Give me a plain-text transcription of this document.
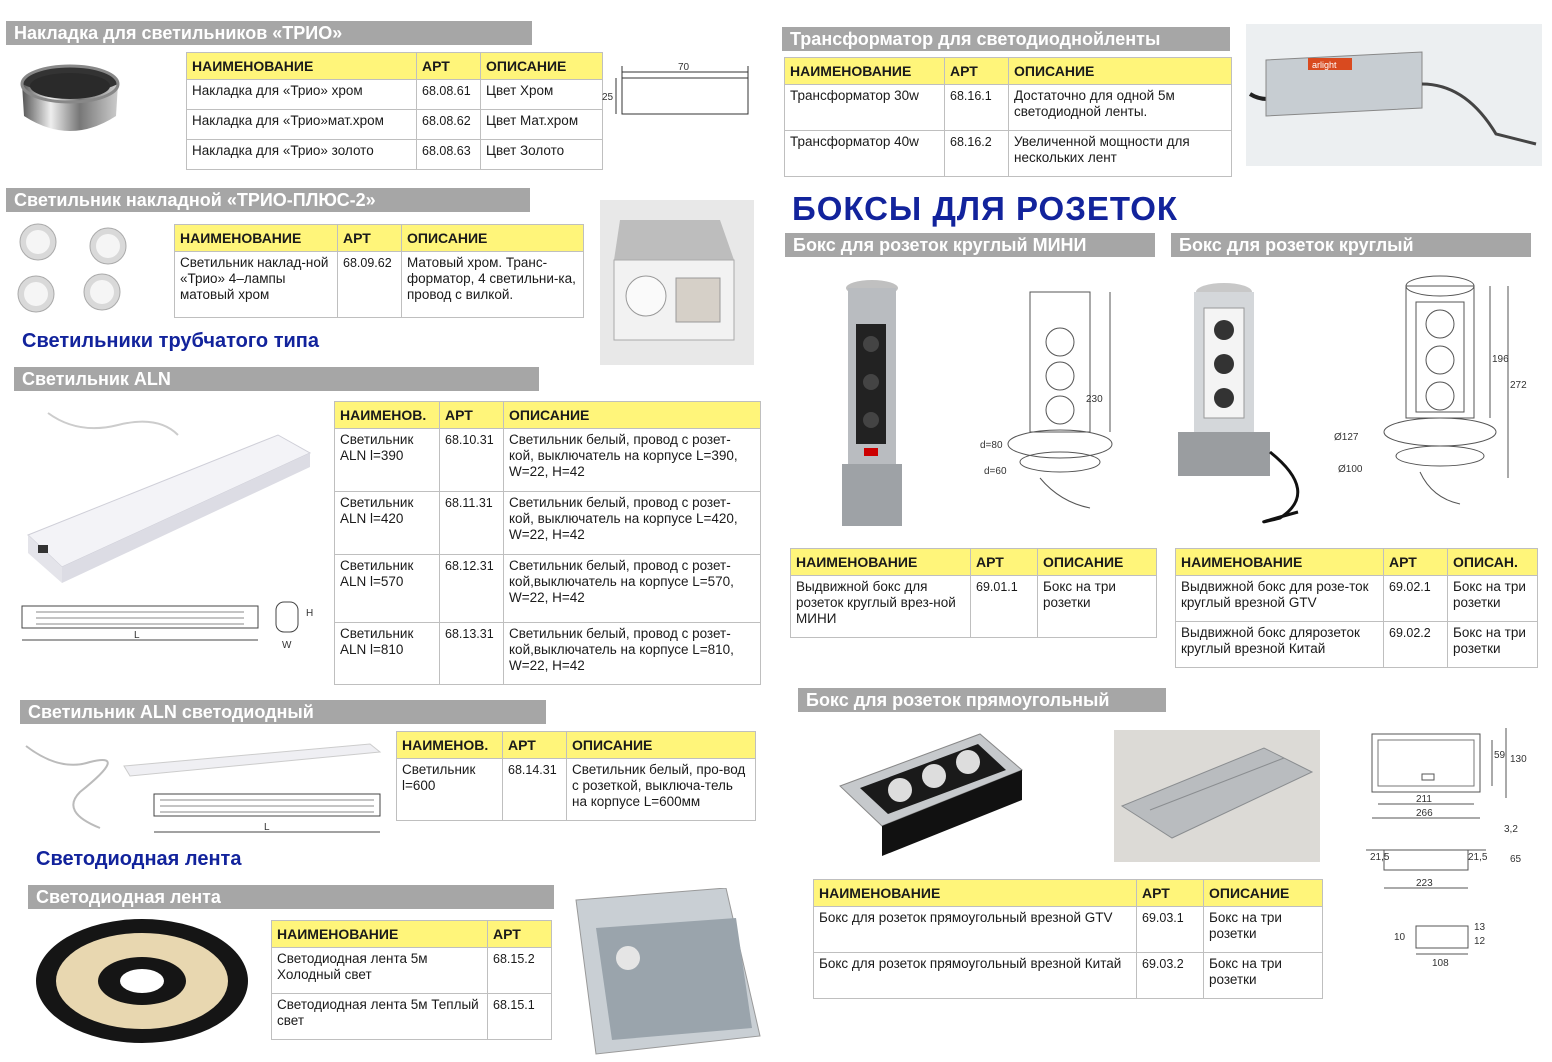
Накладка для светильников «ТРИО»
НАИМЕНОВАНИЕ	АРТ	ОПИСАНИЕ
Накладка для «Трио» хром	68.08.61	Цвет Хром
Накладка для «Трио»мат.хром	68.08.62	Цвет Мат.хром
Накладка для «Трио» золото	68.08.63	Цвет Золото
70
25
Светильник накладной «ТРИО-ПЛЮС-2»
НАИМЕНОВАНИЕ	АРТ	ОПИСАНИЕ
Светильник наклад-ной «Трио» 4–лампы матовый хром	68.09.62	Матовый хром. Транс-форматор, 4 светильни-ка, провод с вилкой.
Светильники трубчатого типа
Светильник ALN
L
H
W
НАИМЕНОВ.	АРТ	ОПИСАНИЕ
Светильник ALN l=390	68.10.31	Светильник белый, провод с розет-кой, выключатель на корпусе L=390, W=22, H=42
Светильник ALN l=420	68.11.31	Светильник белый, провод с розет-кой, выключатель на корпусе L=420, W=22, H=42
Светильник ALN l=570	68.12.31	Светильник белый, провод с розет-кой,выключатель на корпусе L=570, W=22, H=42
Светильник ALN l=810	68.13.31	Светильник белый, провод с розет-кой,выключатель на корпусе L=810, W=22, H=42
Светильник ALN светодиодный
L
НАИМЕНОВ.	АРТ	ОПИСАНИЕ
Светильник l=600	68.14.31	Светильник белый, про-вод с розеткой, выключа-тель на корпусе L=600мм
Светодиодная лента
Светодиодная лента
НАИМЕНОВАНИЕ	АРТ
Светодиодная лента 5м Холодный свет	68.15.2
Светодиодная лента 5м Теплый свет	68.15.1
Трансформатор для светодиоднойленты
НАИМЕНОВАНИЕ	АРТ	ОПИСАНИЕ
Трансформатор 30w	68.16.1	Достаточно для одной 5м светодиодной ленты.
Трансформатор 40w	68.16.2	Увеличенной мощности для нескольких лент
arlight
БОКСЫ ДЛЯ РОЗЕТОК
Бокс для розеток круглый МИНИ
230
d=80
d=60
НАИМЕНОВАНИЕ	АРТ	ОПИСАНИЕ
Выдвижной бокс для розеток круглый врез-ной МИНИ	69.01.1	Бокс на три розетки
Бокс для розеток круглый
196
272
Ø127
Ø100
НАИМЕНОВАНИЕ	АРТ	ОПИСАН.
Выдвижной бокс для розе-ток круглый врезной GTV	69.02.1	Бокс на три розетки
Выдвижной бокс длярозеток круглый врезной Китай	69.02.2	Бокс на три розетки
Бокс для розеток прямоугольный
59 130
211
266
3,2
65
21,5	21,5
223
10
13
12
108
НАИМЕНОВАНИЕ	АРТ	ОПИСАНИЕ
Бокс для розеток прямоугольный врезной GTV	69.03.1	Бокс на три розетки
Бокс для розеток прямоугольный врезной Китай	69.03.2	Бокс на три розетки
